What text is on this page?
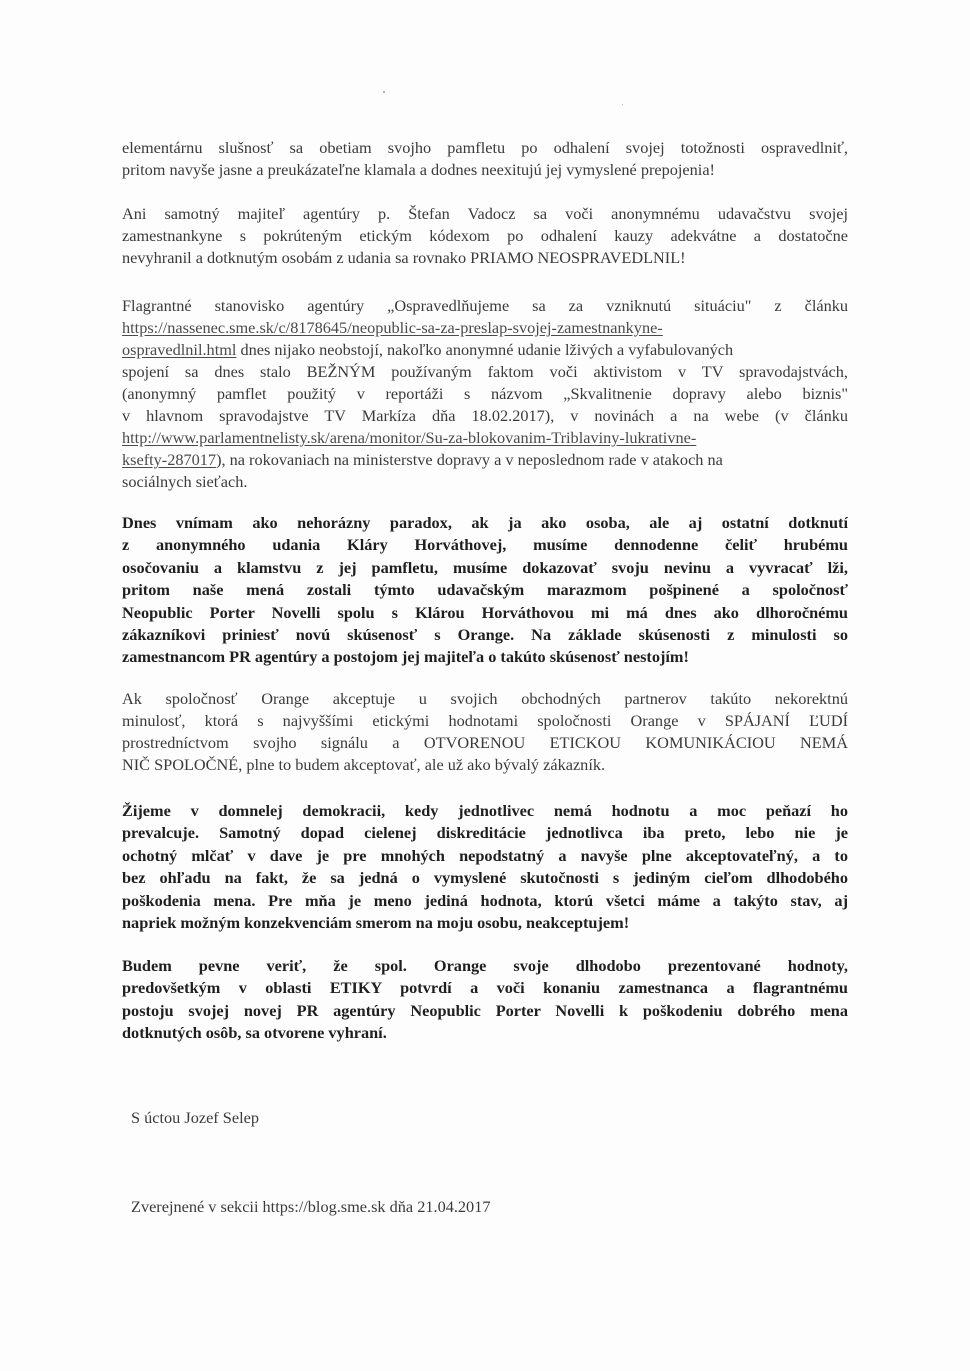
elementárnu slušnosť sa obetiam svojho pamfletu po odhalení svojej totožnosti ospravedlniť,
pritom navyše jasne a preukázateľne klamala a dodnes neexitujú jej vymyslené prepojenia!
Ani samotný majiteľ agentúry p. Štefan Vadocz sa voči anonymnému udavačstvu svojej
zamestnankyne s pokrúteným etickým kódexom po odhalení kauzy adekvátne a dostatočne
nevyhranil a dotknutým osobám z udania sa rovnako PRIAMO NEOSPRAVEDLNIL!
Flagrantné stanovisko agentúry „Ospravedlňujeme sa za vzniknutú situáciu" z článku
https://nassenec.sme.sk/c/8178645/neopublic-sa-za-preslap-svojej-zamestnankyne-
ospravedlnil.html dnes nijako neobstojí, nakoľko anonymné udanie lživých a vyfabulovaných
spojení sa dnes stalo BEŽNÝM používaným faktom voči aktivistom v TV spravodajstvách,
(anonymný pamflet použitý v reportáži s názvom „Skvalitnenie dopravy alebo biznis"
v hlavnom spravodajstve TV Markíza dňa 18.02.2017), v novinách a na webe (v článku
http://www.parlamentnelisty.sk/arena/monitor/Su-za-blokovanim-Triblaviny-lukrativne-
ksefty-287017), na rokovaniach na ministerstve dopravy a v neposlednom rade v atakoch na
sociálnych sieťach.
Dnes vnímam ako nehorázny paradox, ak ja ako osoba, ale aj ostatní dotknutí
z anonymného udania Kláry Horváthovej, musíme dennodenne čeliť hrubému
osočovaniu a klamstvu z jej pamfletu, musíme dokazovať svoju nevinu a vyvracať lži,
pritom naše mená zostali týmto udavačským marazmom pošpinené a spoločnosť
Neopublic Porter Novelli spolu s Klárou Horváthovou mi má dnes ako dlhoročnému
zákazníkovi priniesť novú skúsenosť s Orange. Na základe skúsenosti z minulosti so
zamestnancom PR agentúry a postojom jej majiteľa o takúto skúsenosť nestojím!
Ak spoločnosť Orange akceptuje u svojich obchodných partnerov takúto nekorektnú
minulosť, ktorá s najvyššími etickými hodnotami spoločnosti Orange v SPÁJANÍ ĽUDÍ
prostredníctvom svojho signálu a OTVORENOU ETICKOU KOMUNIKÁCIOU NEMÁ
NIČ SPOLOČNÉ, plne to budem akceptovať, ale už ako bývalý zákazník.
Žijeme v domnelej demokracii, kedy jednotlivec nemá hodnotu a moc peňazí ho
prevalcuje. Samotný dopad cielenej diskreditácie jednotlivca iba preto, lebo nie je
ochotný mlčať v dave je pre mnohých nepodstatný a navyše plne akceptovateľný, a to
bez ohľadu na fakt, že sa jedná o vymyslené skutočnosti s jediným cieľom dlhodobého
poškodenia mena. Pre mňa je meno jediná hodnota, ktorú všetci máme a takýto stav, aj
napriek možným konzekvenciám smerom na moju osobu, neakceptujem!
Budem pevne veriť, že spol. Orange svoje dlhodobo prezentované hodnoty,
predovšetkým v oblasti ETIKY potvrdí a voči konaniu zamestnanca a flagrantnému
postoju svojej novej PR agentúry Neopublic Porter Novelli k poškodeniu dobrého mena
dotknutých osôb, sa otvorene vyhraní.
S úctou Jozef Selep
Zverejnené v sekcii https://blog.sme.sk dňa 21.04.2017
